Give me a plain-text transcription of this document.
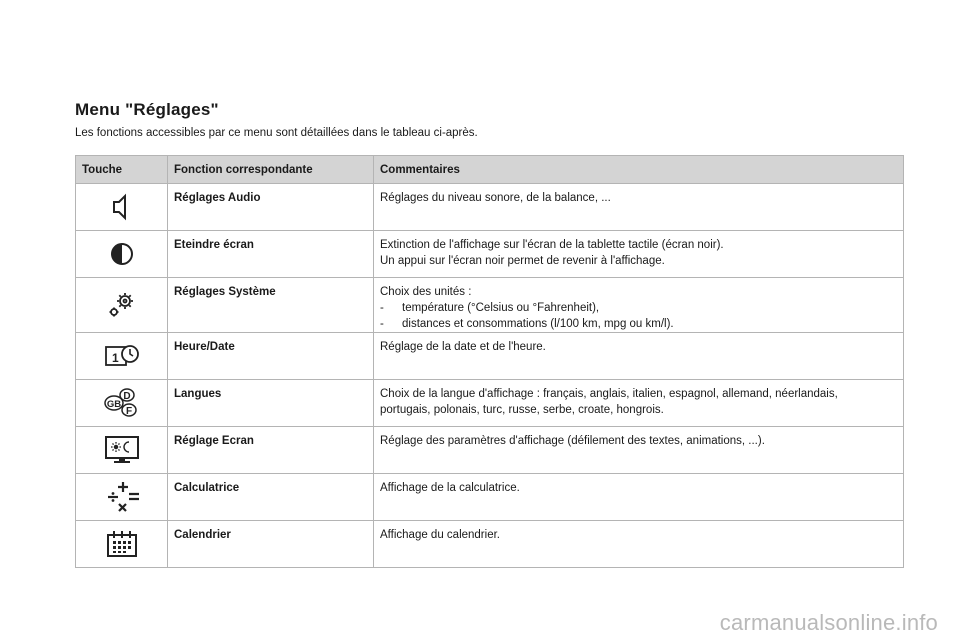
Menu "Réglages"
Les fonctions accessibles par ce menu sont détaillées dans le tableau ci-après.
Touche	Fonction correspondante	Commentaires

	Réglages Audio	Réglages du niveau sonore, de la balance, ...

	Eteindre écran	Extinction de l'affichage sur l'écran de la tablette tactile (écran noir).
Un appui sur l'écran noir permet de revenir à l'affichage.

	Réglages Système	Choix des unités :
- température (°Celsius ou °Fahrenheit),
- distances et consommations (l/100 km, mpg ou km/l).

1	Heure/Date	Réglage de la date et de l'heure.

D
GB
F	Langues	Choix de la langue d'affichage : français, anglais, italien, espagnol, allemand, néerlandais,
portugais, polonais, turc, russe, serbe, croate, hongrois.

	Réglage Ecran	Réglage des paramètres d'affichage (défilement des textes, animations, ...).

	Calculatrice	Affichage de la calculatrice.

	Calendrier	Affichage du calendrier.
carmanualsonline.info
